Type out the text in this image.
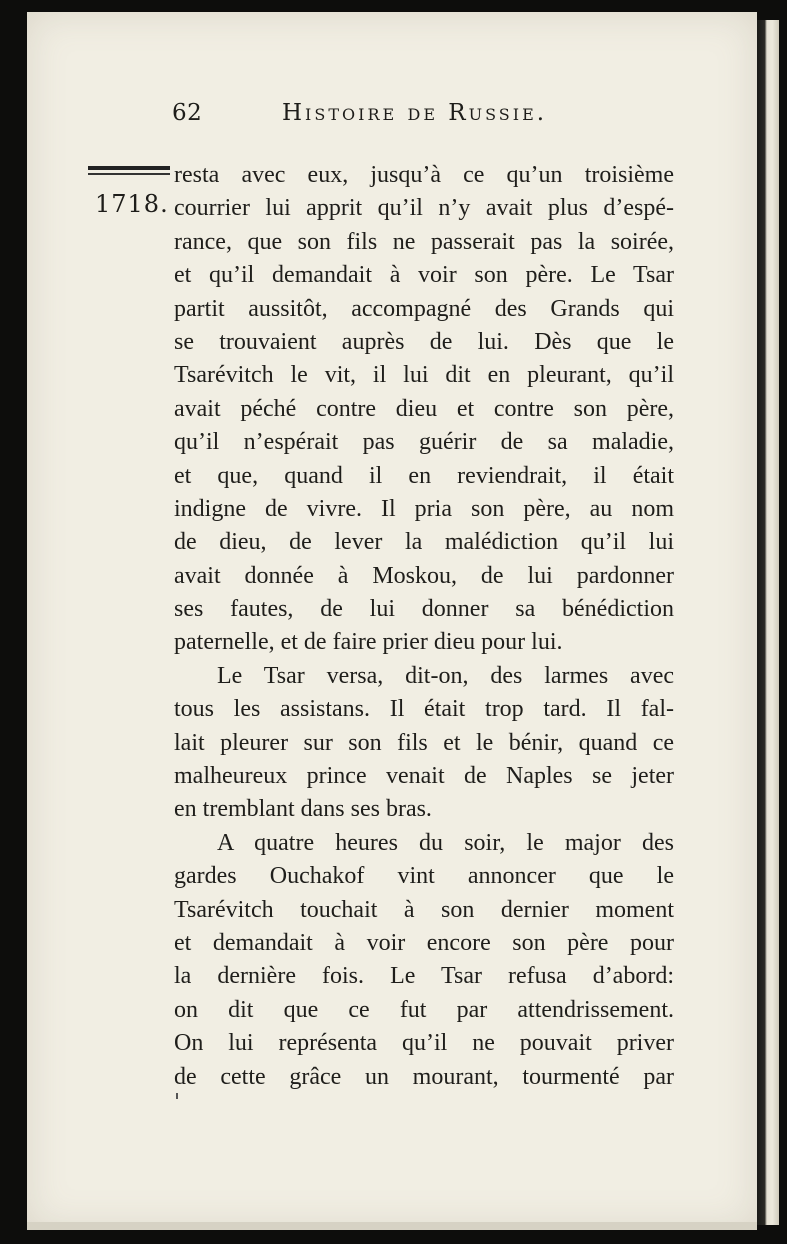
62	Histoire de Russie.
1718.
resta avec eux, jusqu’à ce qu’un troisième
courrier lui apprit qu’il n’y avait plus d’espé-
rance, que son fils ne passerait pas la soirée,
et qu’il demandait à voir son père. Le Tsar
partit aussitôt, accompagné des Grands qui
se trouvaient auprès de lui. Dès que le
Tsarévitch le vit, il lui dit en pleurant, qu’il
avait péché contre dieu et contre son père,
qu’il n’espérait pas guérir de sa maladie,
et que, quand il en reviendrait, il était
indigne de vivre. Il pria son père, au nom
de dieu, de lever la malédiction qu’il lui
avait donnée à Moskou, de lui pardonner
ses fautes, de lui donner sa bénédiction
paternelle, et de faire prier dieu pour lui.
Le Tsar versa, dit-on, des larmes avec
tous les assistans. Il était trop tard. Il fal-
lait pleurer sur son fils et le bénir, quand ce
malheureux prince venait de Naples se jeter
en tremblant dans ses bras.
A quatre heures du soir, le major des
gardes Ouchakof vint annoncer que le
Tsarévitch touchait à son dernier moment
et demandait à voir encore son père pour
la dernière fois. Le Tsar refusa d’abord:
on dit que ce fut par attendrissement.
On lui représenta qu’il ne pouvait priver
de cette grâce un mourant, tourmenté par
